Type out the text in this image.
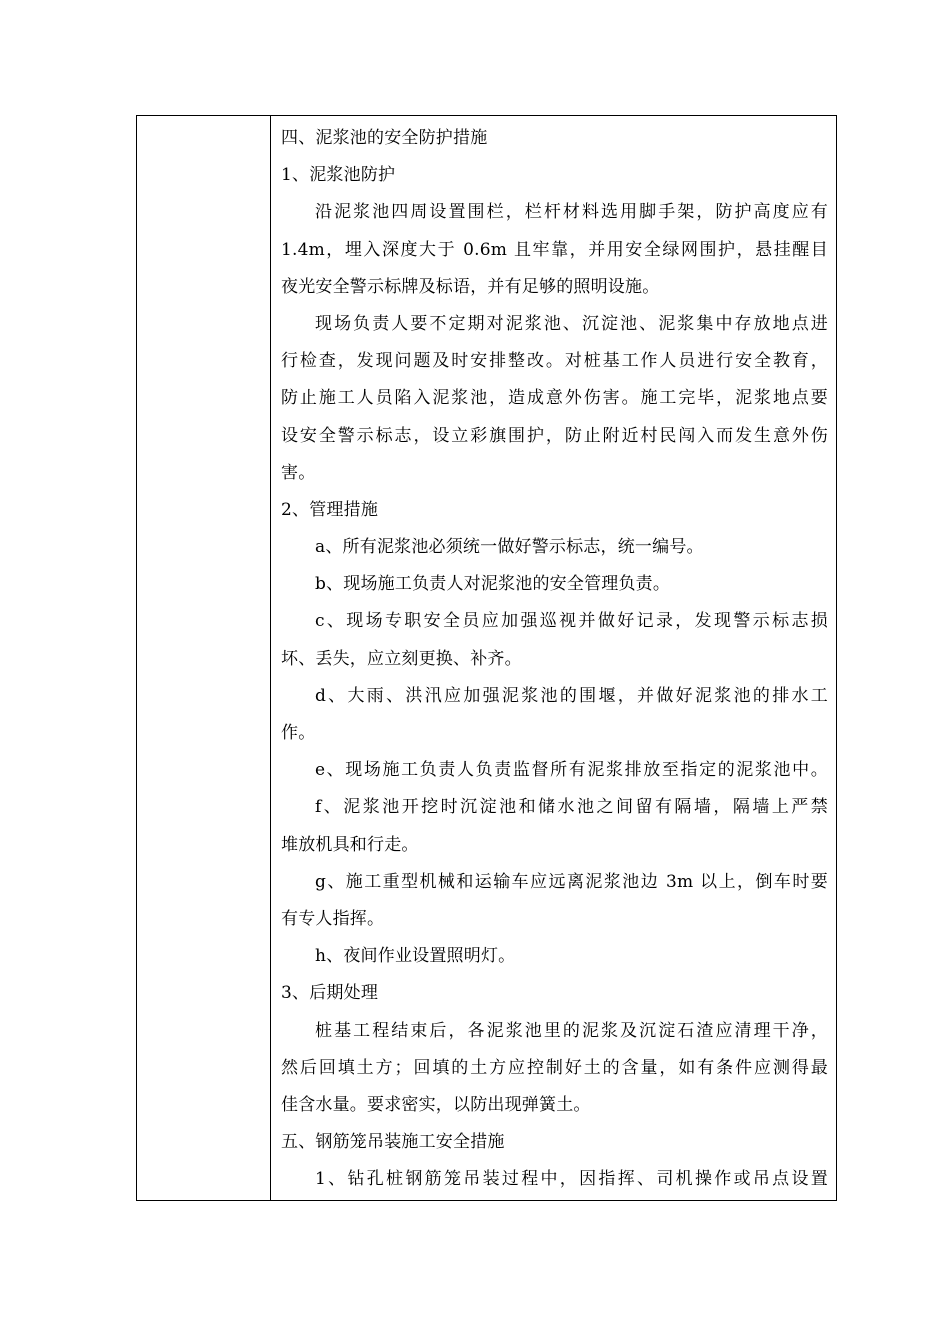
四、泥浆池的安全防护措施
1、泥浆池防护
沿泥浆池四周设置围栏，栏杆材料选用脚手架，防护高度应有
1.4m，埋入深度大于 0.6m 且牢靠，并用安全绿网围护，悬挂醒目
夜光安全警示标牌及标语，并有足够的照明设施。
现场负责人要不定期对泥浆池、沉淀池、泥浆集中存放地点进
行检查，发现问题及时安排整改。对桩基工作人员进行安全教育，
防止施工人员陷入泥浆池，造成意外伤害。施工完毕，泥浆地点要
设安全警示标志，设立彩旗围护，防止附近村民闯入而发生意外伤
害。
2、管理措施
a、所有泥浆池必须统一做好警示标志，统一编号。
b、现场施工负责人对泥浆池的安全管理负责。
c、现场专职安全员应加强巡视并做好记录，发现警示标志损
坏、丢失，应立刻更换、补齐。
d、大雨、洪汛应加强泥浆池的围堰，并做好泥浆池的排水工
作。
e、现场施工负责人负责监督所有泥浆排放至指定的泥浆池中。
f、泥浆池开挖时沉淀池和储水池之间留有隔墙，隔墙上严禁
堆放机具和行走。
g、施工重型机械和运输车应远离泥浆池边 3m 以上，倒车时要
有专人指挥。
h、夜间作业设置照明灯。
3、后期处理
桩基工程结束后，各泥浆池里的泥浆及沉淀石渣应清理干净，
然后回填土方；回填的土方应控制好土的含量，如有条件应测得最
佳含水量。要求密实，以防出现弹簧土。
五、钢筋笼吊装施工安全措施
1、钻孔桩钢筋笼吊装过程中，因指挥、司机操作或吊点设置
